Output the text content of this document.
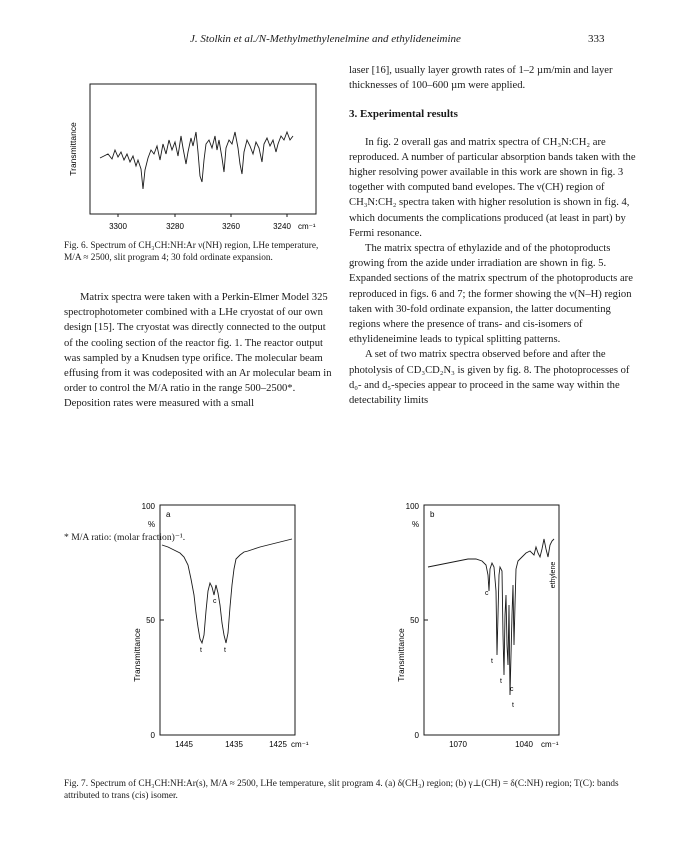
J. Stolkin et al./N-Methylmethylenelmine and ethylideneimine	333

laser [16], usually layer growth rates of 1–2 µm/min and layer thicknesses of 100–600 µm were applied.

3. Experimental results

In fig. 2 overall gas and matrix spectra of CH₃N:CH₂ are reproduced. A number of particular absorption bands taken with the higher resolving power available in this work are shown in fig. 3 together with computed band evelopes. The ν(CH) region of CH₃N:CH₂ spectra taken with higher resolution is shown in fig. 4, which documents the complications produced (at least in part) by Fermi resonance.

The matrix spectra of ethylazide and of the photoproducts growing from the azide under irradiation are shown in fig. 5. Expanded sections of the matrix spectrum of the photoproducts are reproduced in figs. 6 and 7; the former showing the ν(N–H) region taken with 30-fold ordinate expansion, the latter documenting regions where the presence of trans- and cis-isomers of ethylideneimine leads to typical splitting patterns.

A set of two matrix spectra observed before and after the photolysis of CD₃CD₂N₃ is given by fig. 8. The photoprocesses of d₀- and d₅-species appear to proceed in the same way within the detectability limits

Transmittance
3300	3280	3260	3240 cm⁻¹
Fig. 6. Spectrum of CH₃CH:NH:Ar ν(NH) region, LHe temperature, M/A ≈ 2500, slit program 4; 30 fold ordinate expansion.

Matrix spectra were taken with a Perkin-Elmer Model 325 spectrophotometer combined with a LHe cryostat of our own design [15]. The cryostat was directly connected to the output of the cooling section of the reactor fig. 1. The reactor output was sampled by a Knudsen type orifice. The molecular beam effusing from it was codeposited with an Ar molecular beam in order to control the M/A ratio in the range 500–2500*. Deposition rates were measured with a small

* M/A ratio: (molar fraction)⁻¹.
a
100
%
50
0
Transmittance
c
t	t
1445	1435	1425 cm⁻¹
b
100
%
50
0
Transmittance
ethylene
c
t
t
c
t
1070	1040 cm⁻¹
Fig. 7. Spectrum of CH₃CH:NH:Ar(s), M/A ≈ 2500, LHe temperature, slit program 4. (a) δ(CH₃) region; (b) γ⊥(CH) = δ(C:NH) region; T(C): bands attributed to trans (cis) isomer.
